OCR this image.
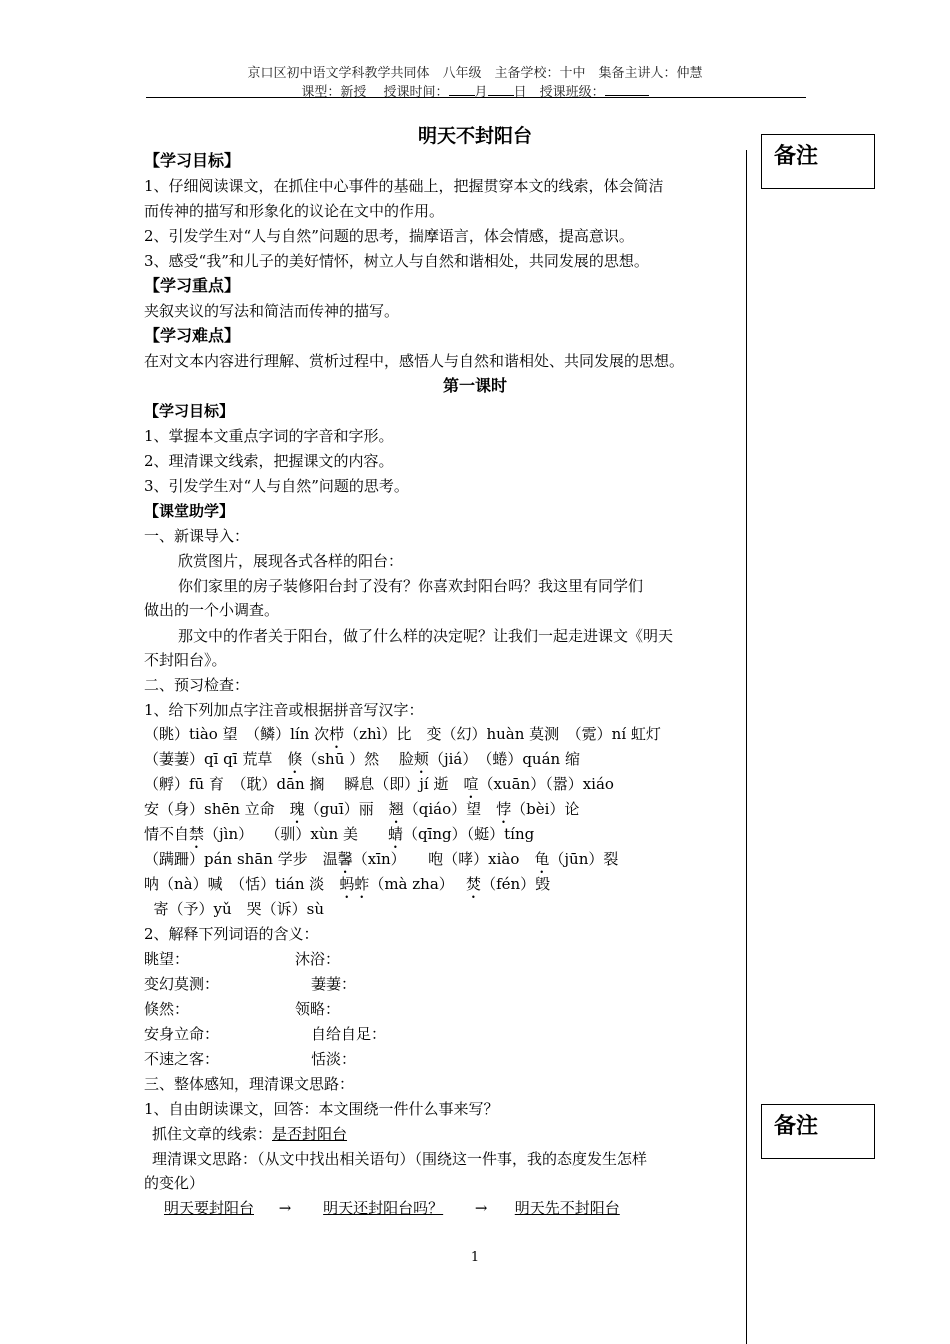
京口区初中语文学科教学共同体　八年级　主备学校：十中　集备主讲人：仲慧
课型：新授 　 授课时间： 月 日　 授课班级：
备注
备注
明天不封阳台
【学习目标】
1、仔细阅读课文，在抓住中心事件的基础上，把握贯穿本文的线索，体会简洁
而传神的描写和形象化的议论在文中的作用。
2、引发学生对“人与自然”问题的思考，揣摩语言，体会情感，提高意识。
3、感受“我”和儿子的美好情怀，树立人与自然和谐相处，共同发展的思想。
【学习重点】
夹叙夹议的写法和简洁而传神的描写。
【学习难点】
在对文本内容进行理解、赏析过程中，感悟人与自然和谐相处、共同发展的思想。
第一课时
【学习目标】
1、掌握本文重点字词的字音和字形。
2、理清课文线索，把握课文的内容。
3、引发学生对“人与自然”问题的思考。
【课堂助学】
一、新课导入：
欣赏图片，展现各式各样的阳台：
你们家里的房子装修阳台封了没有？你喜欢封阳台吗？我这里有同学们
做出的一个小调查。
那文中的作者关于阳台，做了什么样的决定呢？让我们一起走进课文《明天
不封阳台》。
二、预习检查：
1、给下列加点字注音或根据拼音写汉字：
（眺）tiào 望　（鳞）lín 次栉（zhì）比　变（幻）huàn 莫测　（霓）ní 虹灯
（萋萋）qī qī 荒草　倏（shū ）然　 脸颊（jiá）　（蜷）quán 缩
（孵）fū 育　（耽）dān 搁　 瞬息（即）jí 逝　喧（xuān）（嚣）xiáo
安（身）shēn 立命　瑰（guī）丽　翘（qiáo）望　悖（bèi）论
情不自禁（jìn）　 （驯）xùn 美　　蜻（qīng）（蜓）tíng
（蹒跚）pán shān 学步　温馨（xīn）　　咆（哮）xiào　龟（jūn）裂
呐（nà）喊　（恬）tián 淡　蚂蚱（mà zha）　 焚（fén）毁
寄（予）yǔ　哭（诉）sù
2、解释下列词语的含义：
眺望：	沐浴：
变幻莫测：	萋萋：
倏然：	领略：
安身立命：	自给自足：
不速之客：	恬淡：
三、整体感知，理清课文思路：
1、自由朗读课文，回答：本文围绕一件什么事来写？
抓住文章的线索：是否封阳台
理清课文思路：（从文中找出相关语句）（围绕这一件事，我的态度发生怎样
的变化）
明天要封阳台 → 明天还封阳台吗？ → 明天先不封阳台
1
